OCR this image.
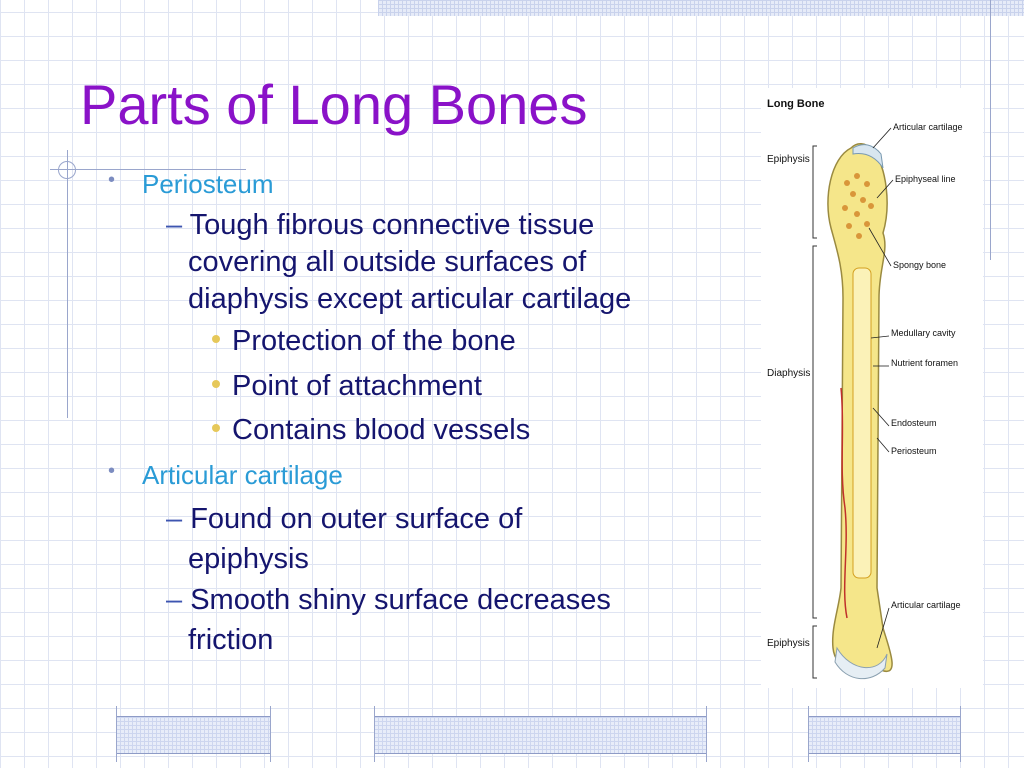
Parts of Long Bones
• Periosteum
– Tough fibrous connective tissue
covering all outside surfaces of
diaphysis except articular cartilage
Protection of the bone
Point of attachment
Contains blood vessels
• Articular cartilage
– Found on outer surface of
epiphysis
– Smooth shiny surface decreases
friction
Long Bone
Epiphysis
Diaphysis
Epiphysis
Articular cartilage
Epiphyseal line
Spongy bone
Medullary cavity
Nutrient foramen
Endosteum
Periosteum
Articular cartilage
